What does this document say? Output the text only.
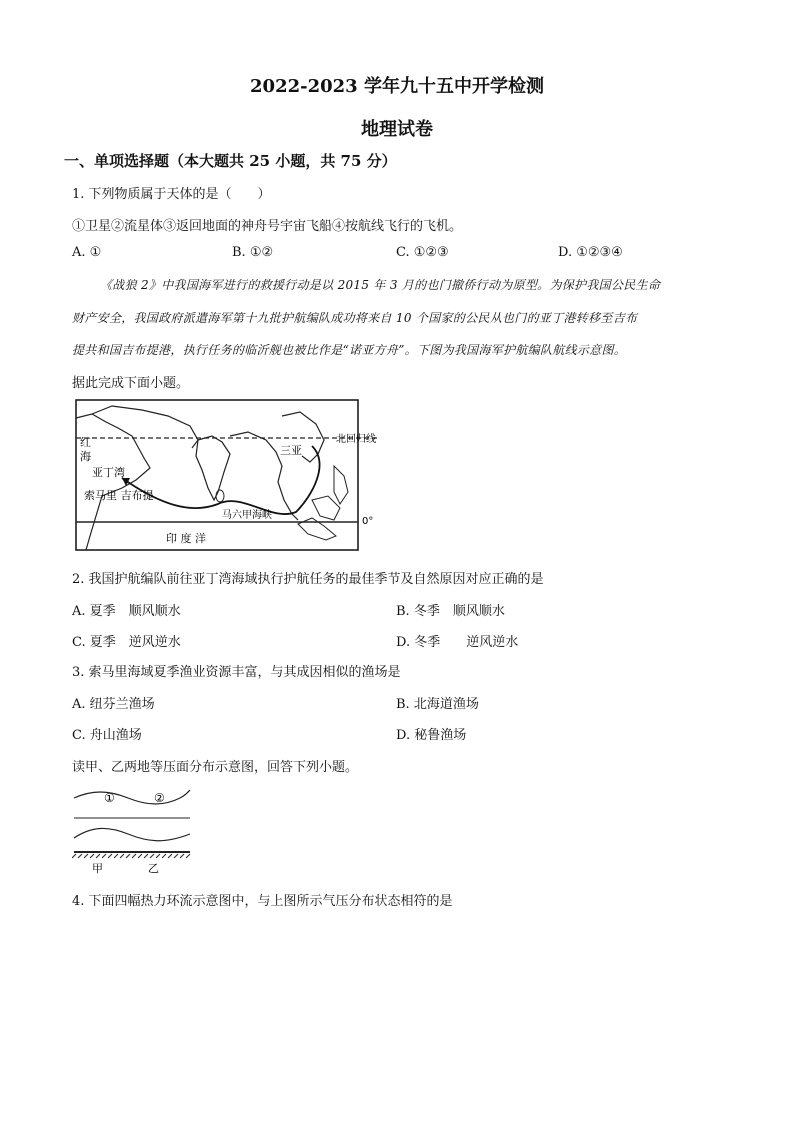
2022-2023 学年九十五中开学检测
地理试卷
一、单项选择题（本大题共 25 小题，共 75 分）
1. 下列物质属于天体的是（　　）
①卫星②流星体③返回地面的神舟号宇宙飞船④按航线飞行的飞机。
A. ①	B. ①②	C. ①②③	D. ①②③④
《战狼 2》中我国海军进行的救援行动是以 2015 年 3 月的也门撤侨行动为原型。为保护我国公民生命
财产安全，我国政府派遣海军第十九批护航编队成功将来自 10 个国家的公民从也门的亚丁港转移至吉布
提共和国吉布提港，执行任务的临沂舰也被比作是“诺亚方舟”。下图为我国海军护航编队航线示意图。
据此完成下面小题。
红
海
亚丁湾
索马里 吉布提
三亚
马六甲海峡
印 度 洋
北回归线
0°
2. 我国护航编队前往亚丁湾海域执行护航任务的最佳季节及自然原因对应正确的是
A. 夏季　顺风顺水	B. 冬季　顺风顺水
C. 夏季　逆风逆水	D. 冬季　　逆风逆水
3. 索马里海域夏季渔业资源丰富，与其成因相似的渔场是
A. 纽芬兰渔场	B. 北海道渔场
C. 舟山渔场	D. 秘鲁渔场
读甲、乙两地等压面分布示意图，回答下列小题。
①	②
甲	乙
4. 下面四幅热力环流示意图中，与上图所示气压分布状态相符的是
